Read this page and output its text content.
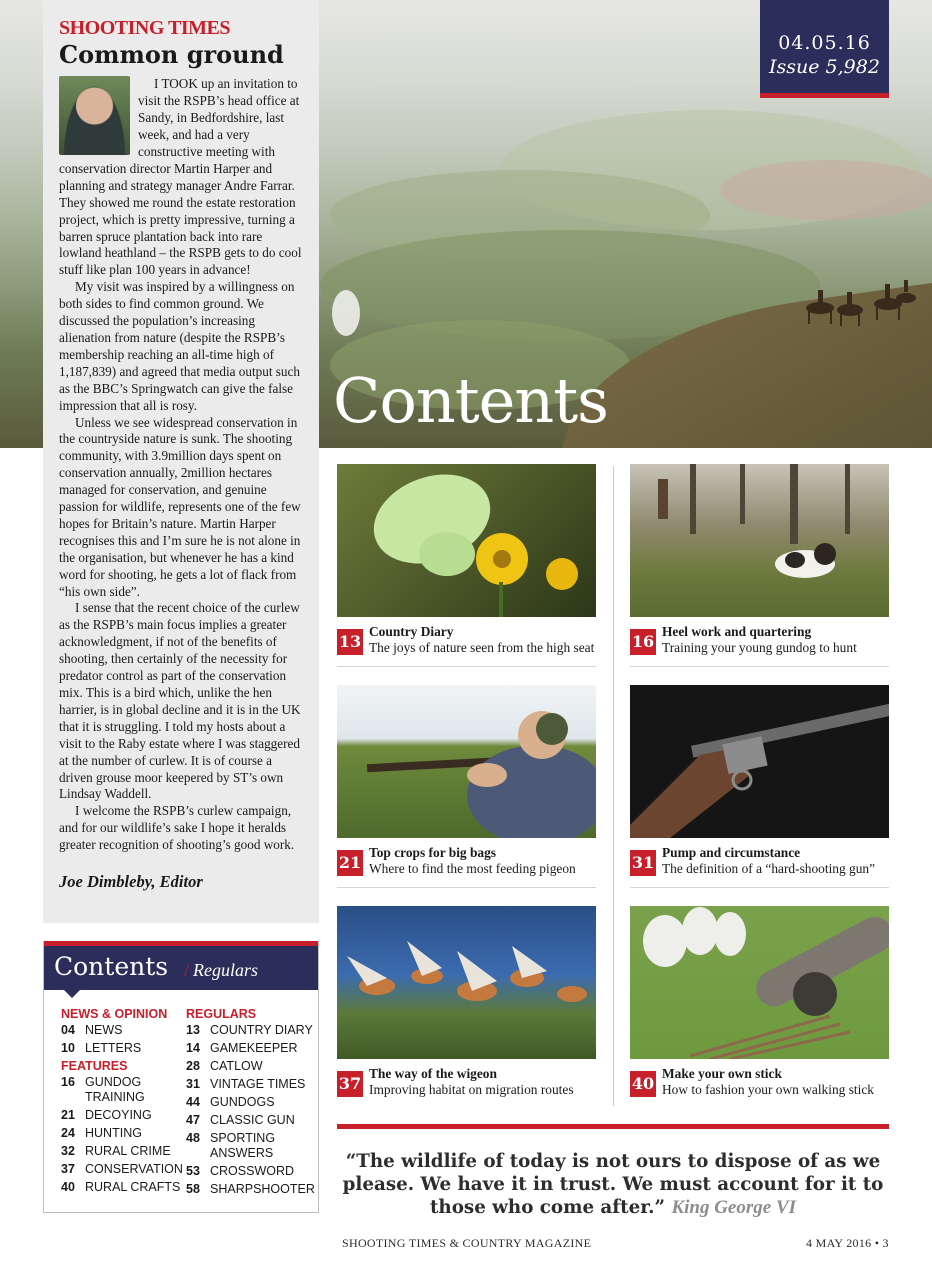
Contents
04.05.16
Issue 5,982
SHOOTING TIMES
Common ground

I TOOK up an invitation to visit the RSPB’s head office at Sandy, in Bedfordshire, last week, and had a very constructive meeting with conservation director Martin Harper and planning and strategy manager Andre Farrar. They showed me round the estate restoration project, which is pretty impressive, turning a barren spruce plantation back into rare lowland heathland – the RSPB gets to do cool stuff like plan 100 years in advance!

My visit was inspired by a willingness on both sides to find common ground. We discussed the population’s increasing alienation from nature (despite the RSPB’s membership reaching an all-time high of 1,187,839) and agreed that media output such as the BBC’s Springwatch can give the false impression that all is rosy.

Unless we see widespread conservation in the countryside nature is sunk. The shooting community, with 3.9million days spent on conservation annually, 2million hectares managed for conservation, and genuine passion for wildlife, represents one of the few hopes for Britain’s nature. Martin Harper recognises this and I’m sure he is not alone in the organisation, but whenever he has a kind word for shooting, he gets a lot of flack from “his own side”.

I sense that the recent choice of the curlew as the RSPB’s main focus implies a greater acknowledgment, if not of the benefits of shooting, then certainly of the necessity for predator control as part of the conservation mix. This is a bird which, unlike the hen harrier, is in global decline and it is in the UK that it is struggling. I told my hosts about a visit to the Raby estate where I was staggered at the number of curlew. It is of course a driven grouse moor keepered by ST’s own Lindsay Waddell.

I welcome the RSPB’s curlew campaign, and for our wildlife’s sake I hope it heralds greater recognition of shooting’s good work.

Joe Dimbleby, Editor
Contents / Regulars
NEWS & OPINION
04 NEWS
10 LETTERS
FEATURES
16 GUNDOG TRAINING
21 DECOYING
24 HUNTING
32 RURAL CRIME
37 CONSERVATION
40 RURAL CRAFTS
REGULARS
13 COUNTRY DIARY
14 GAMEKEEPER
28 CATLOW
31 VINTAGE TIMES
44 GUNDOGS
47 CLASSIC GUN
48 SPORTING ANSWERS
53 CROSSWORD
58 SHARPSHOOTER
13
Country Diary
The joys of nature seen from the high seat 16
Heel work and quartering
Training your young gundog to hunt
21
Top crops for big bags
Where to find the most feeding pigeon	31
Pump and circumstance
The definition of a “hard-shooting gun”
37
The way of the wigeon
Improving habitat on migration routes	40
Make your own stick
How to fashion your own walking stick
“The wildlife of today is not ours to dispose of as we please. We have it in trust. We must account for it to those who come after.” King George VI
SHOOTING TIMES & COUNTRY MAGAZINE	4 MAY 2016 • 3
